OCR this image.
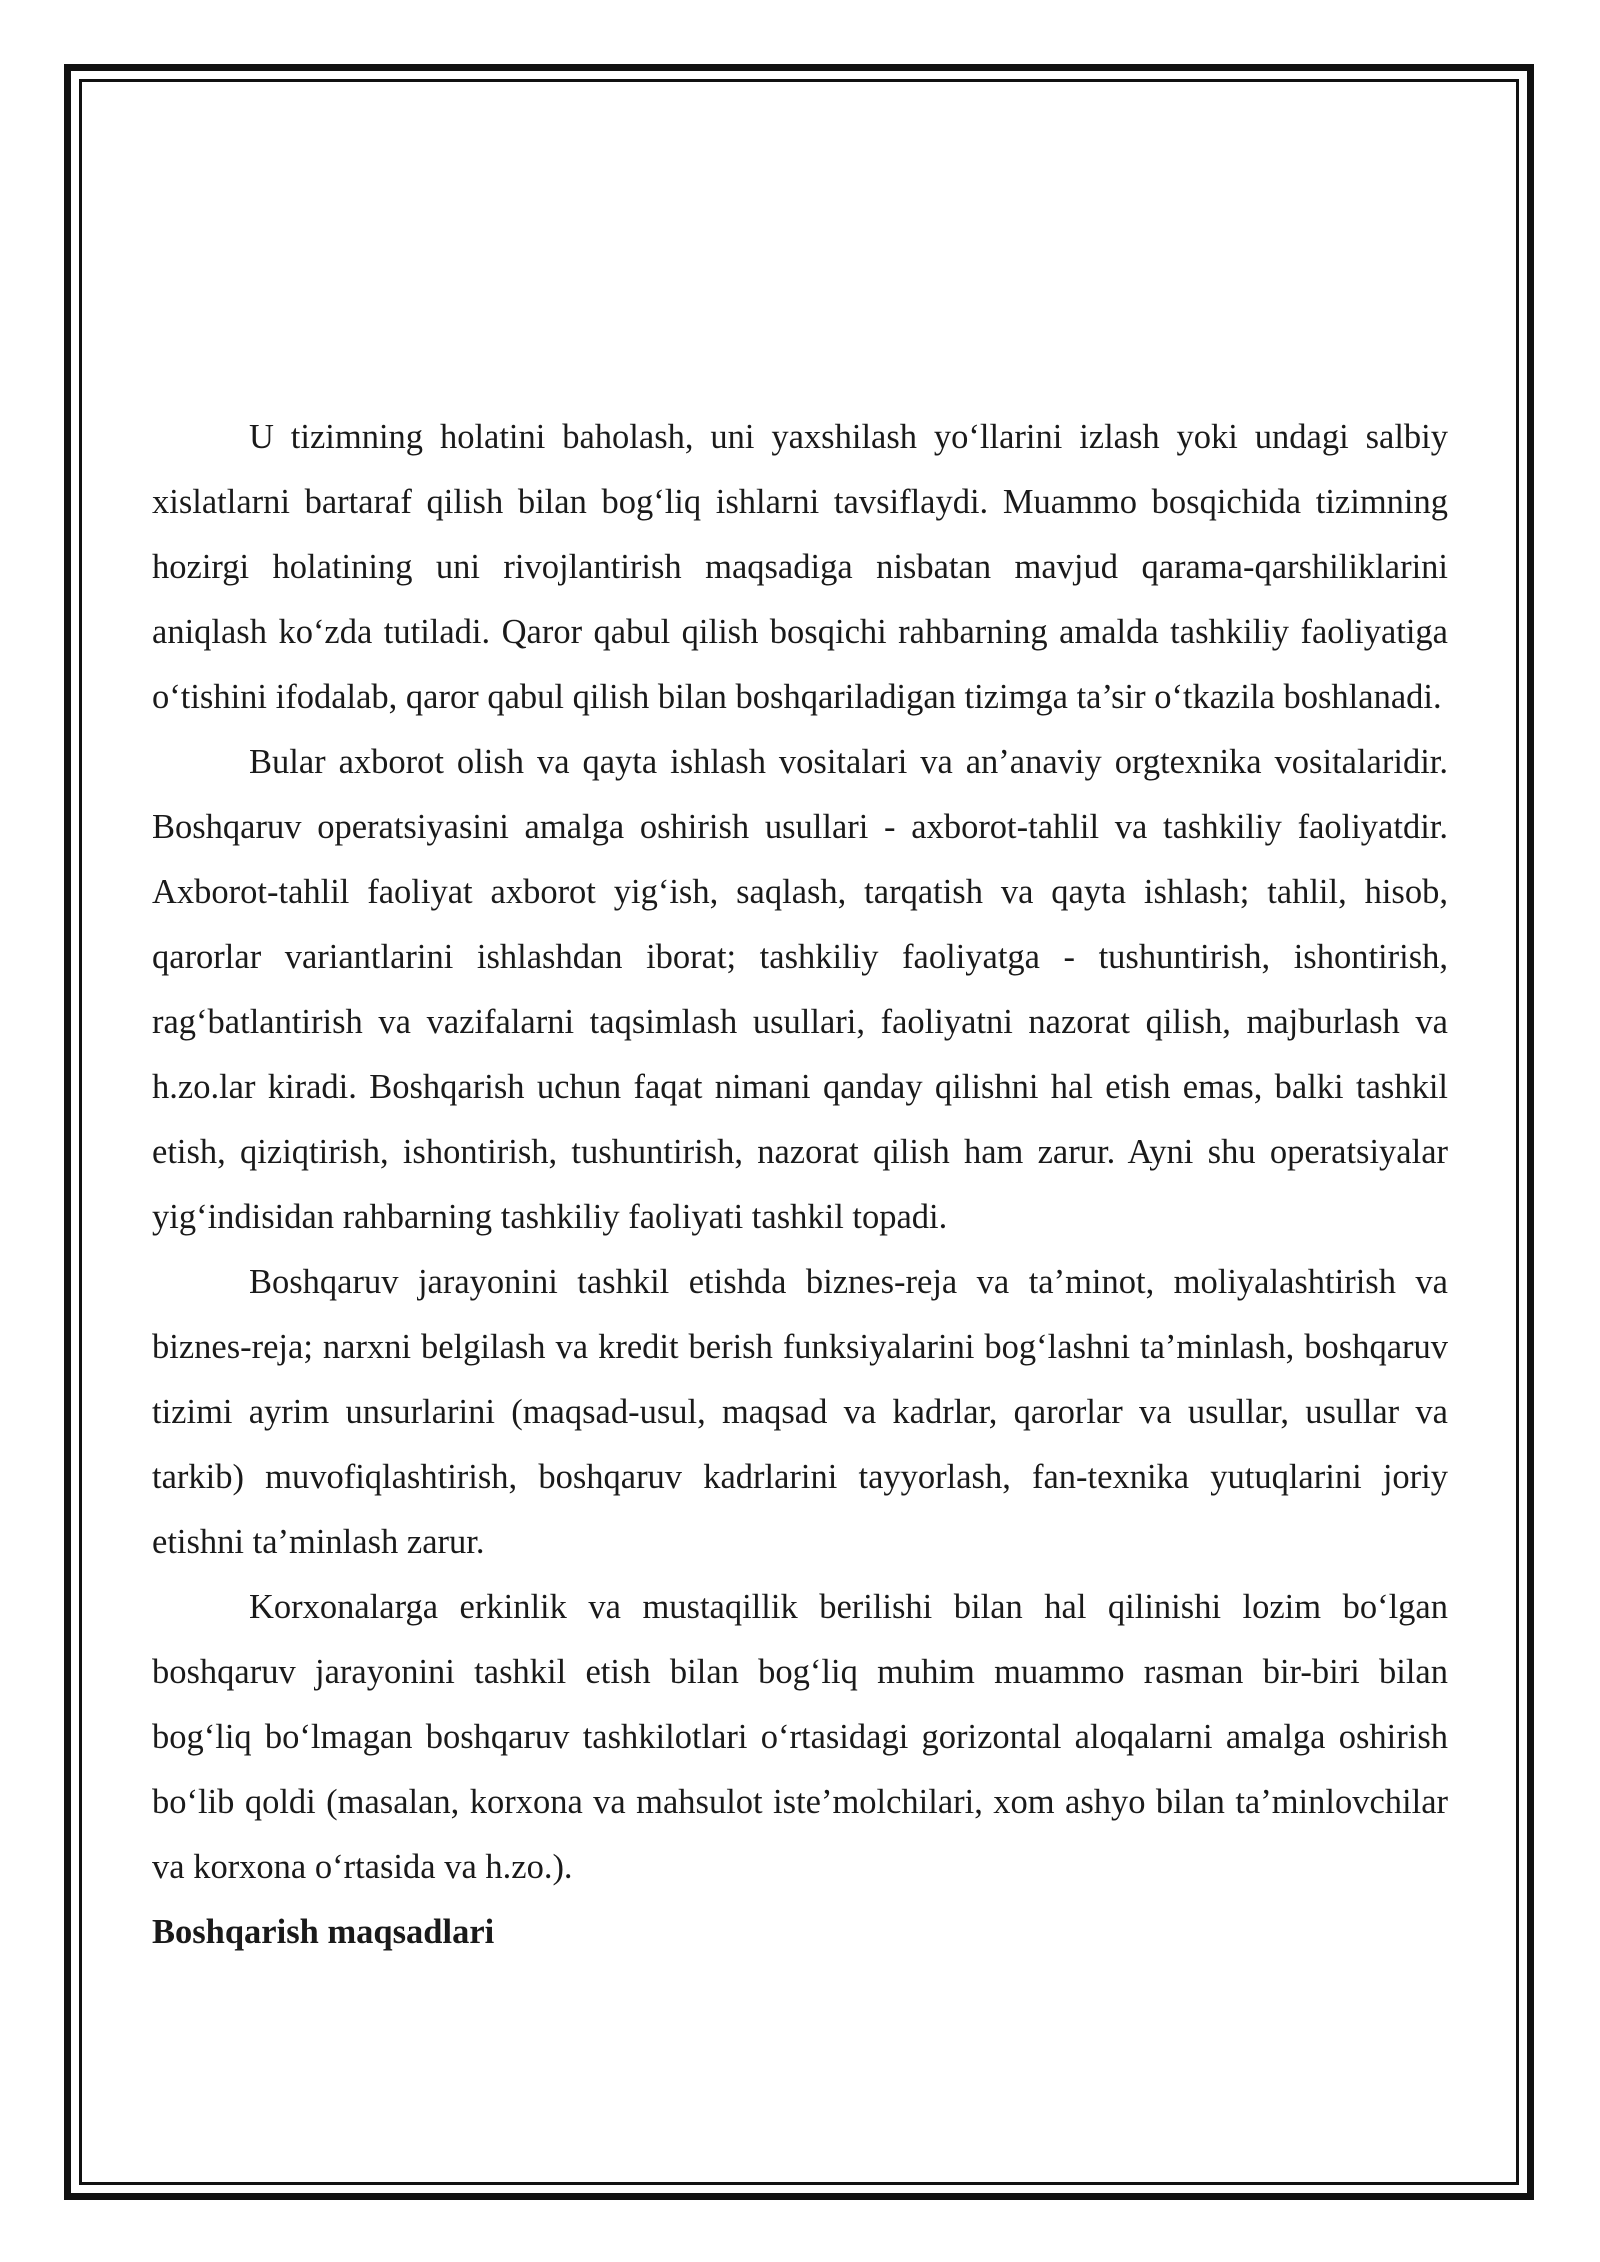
U tizimning holatini baholash, uni yaxshilash yo‘llarini izlash yoki undagi salbiy xislatlarni bartaraf qilish bilan bog‘liq ishlarni tavsiflaydi. Muammo bosqichida tizimning hozirgi holatining uni rivojlantirish maqsadiga nisbatan mavjud qarama-qarshiliklarini aniqlash ko‘zda tutiladi. Qaror qabul qilish bosqichi rahbarning amalda tashkiliy faoliyatiga o‘tishini ifodalab, qaror qabul qilish bilan boshqariladigan tizimga ta’sir o‘tkazila boshlanadi.

Bular axborot olish va qayta ishlash vositalari va an’anaviy orgtexnika vositalaridir. Boshqaruv operatsiyasini amalga oshirish usullari - axborot-tahlil va tashkiliy faoliyatdir. Axborot-tahlil faoliyat axborot yig‘ish, saqlash, tarqatish va qayta ishlash; tahlil, hisob, qarorlar variantlarini ishlashdan iborat; tashkiliy faoliyatga - tushuntirish, ishontirish, rag‘batlantirish va vazifalarni taqsimlash usullari, faoliyatni nazorat qilish, majburlash va h.zo.lar kiradi. Boshqarish uchun faqat nimani qanday qilishni hal etish emas, balki tashkil etish, qiziqtirish, ishontirish, tushuntirish, nazorat qilish ham zarur. Ayni shu operatsiyalar yig‘indisidan rahbarning tashkiliy faoliyati tashkil topadi.

Boshqaruv jarayonini tashkil etishda biznes-reja va ta’minot, moliyalashtirish va biznes-reja; narxni belgilash va kredit berish funksiyalarini bog‘lashni ta’minlash, boshqaruv tizimi ayrim unsurlarini (maqsad-usul, maqsad va kadrlar, qarorlar va usullar, usullar va tarkib) muvofiqlashtirish, boshqaruv kadrlarini tayyorlash, fan-texnika yutuqlarini joriy etishni ta’minlash zarur.

Korxonalarga erkinlik va mustaqillik berilishi bilan hal qilinishi lozim bo‘lgan boshqaruv jarayonini tashkil etish bilan bog‘liq muhim muammo rasman bir-biri bilan bog‘liq bo‘lmagan boshqaruv tashkilotlari o‘rtasidagi gorizontal aloqalarni amalga oshirish bo‘lib qoldi (masalan, korxona va mahsulot iste’molchilari, xom ashyo bilan ta’minlovchilar va korxona o‘rtasida va h.zo.).

Boshqarish maqsadlari
